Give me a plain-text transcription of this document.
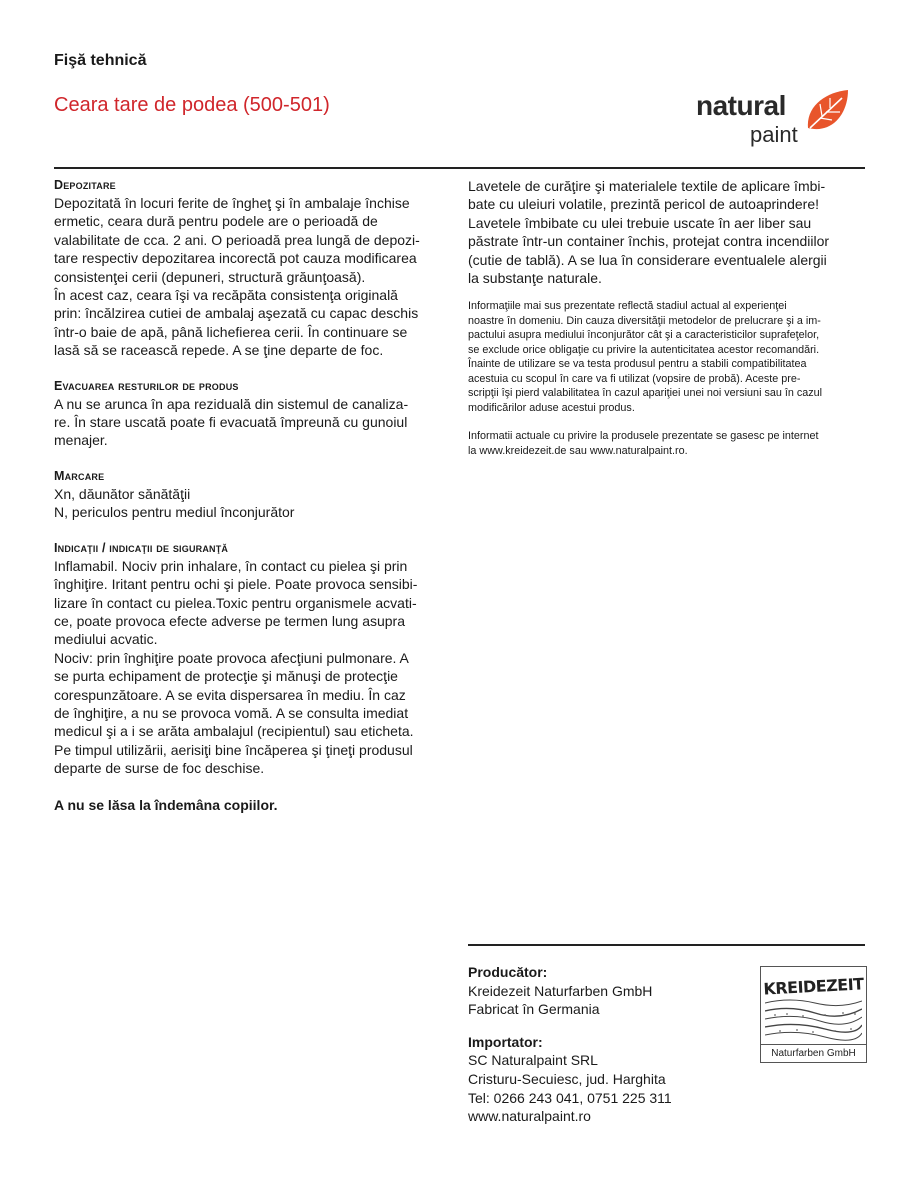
Fişă tehnică
Ceara tare de podea (500-501)	natural
paint
Depozitare
Depozitată în locuri ferite de îngheţ şi în ambalaje închise
ermetic, ceara dură pentru podele are o perioadă de
valabilitate de cca. 2 ani. O perioadă prea lungă de depozi-
tare respectiv depozitarea incorectă pot cauza modificarea
consistenţei cerii (depuneri, structură grăunţoasă).
În acest caz, ceara îşi va recăpăta consistenţa originală
prin: încălzirea cutiei de ambalaj aşezată cu capac deschis
într-o baie de apă, până lichefierea cerii. În continuare se
lasă să se racească repede. A se ţine departe de foc.
Evacuarea resturilor de produs
A nu se arunca în apa reziduală din sistemul de canaliza-
re. În stare uscată poate fi evacuată împreună cu gunoiul
menajer.
Marcare
Xn, dăunător sănătăţii
N, periculos pentru mediul înconjurător
Indicaţii / indicaţii de siguranţă
Inflamabil. Nociv prin inhalare, în contact cu pielea şi prin
înghiţire. Iritant pentru ochi şi piele. Poate provoca sensibi-
lizare în contact cu pielea.Toxic pentru organismele acvati-
ce, poate provoca efecte adverse pe termen lung asupra
mediului acvatic.
Nociv: prin înghiţire poate provoca afecţiuni pulmonare. A
se purta echipament de protecţie şi mănuşi de protecţie
corespunzătoare. A se evita dispersarea în mediu. În caz
de înghiţire, a nu se provoca vomă. A se consulta imediat
medicul şi a i se arăta ambalajul (recipientul) sau eticheta.
Pe timpul utilizării, aerisiţi bine încăperea şi ţineţi produsul
departe de surse de foc deschise.
A nu se lăsa la îndemâna copiilor.
Lavetele de curăţire şi materialele textile de aplicare îmbi-
bate cu uleiuri volatile, prezintă pericol de autoaprindere!
Lavetele îmbibate cu ulei trebuie uscate în aer liber sau
păstrate într-un container închis, protejat contra incendiilor
(cutie de tablă). A se lua în considerare eventualele alergii
la substanţe naturale.
Informaţiile mai sus prezentate reflectă stadiul actual al experienţei
noastre în domeniu. Din cauza diversităţii metodelor de prelucrare şi a im-
pactului asupra mediului înconjurător cât şi a caracteristicilor suprafeţelor,
se exclude orice obligaţie cu privire la autenticitatea acestor recomandări.
Înainte de utilizare se va testa produsul pentru a stabili compatibilitatea
acestuia cu scopul în care va fi utilizat (vopsire de probă). Aceste pre-
scripţii îşi pierd valabilitatea în cazul apariţiei unei noi versiuni sau în cazul
modificărilor aduse acestui produs.
Informatii actuale cu privire la produsele prezentate se gasesc pe internet
la www.kreidezeit.de sau www.naturalpaint.ro.
Producător:
Kreidezeit Naturfarben GmbH
Fabricat în Germania
Importator:
SC Naturalpaint SRL
Cristuru-Secuiesc, jud. Harghita
Tel: 0266 243 041, 0751 225 311
www.naturalpaint.ro
KREIDEZEIT
Naturfarben GmbH
